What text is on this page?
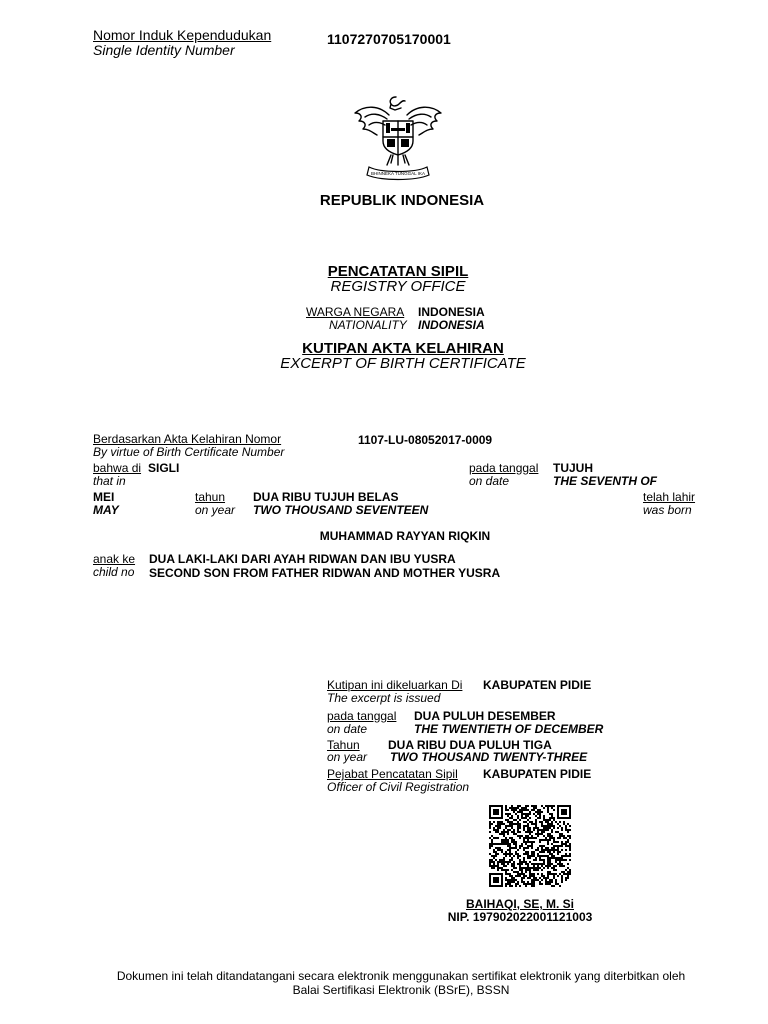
Nomor Induk Kependudukan
Single Identity Number
1107270705170001
BHINNEKA TUNGGAL IKA
REPUBLIK INDONESIA
PENCATATAN SIPIL
REGISTRY OFFICE
WARGA NEGARA INDONESIA
NATIONALITY INDONESIA
KUTIPAN AKTA KELAHIRAN
EXCERPT OF BIRTH CERTIFICATE
Berdasarkan Akta Kelahiran Nomor
By virtue of Birth Certificate Number
1107-LU-08052017-0009
bahwa di SIGLI
that in
pada tanggal
on date
TUJUH
THE SEVENTH OF
MEI
MAY
tahun
on year
DUA RIBU TUJUH BELAS
TWO THOUSAND SEVENTEEN
telah lahir
was born
MUHAMMAD RAYYAN RIQKIN
anak ke
child no
DUA LAKI-LAKI DARI AYAH RIDWAN DAN IBU YUSRA
SECOND SON FROM FATHER RIDWAN AND MOTHER YUSRA
Kutipan ini dikeluarkan Di
The excerpt is issued
KABUPATEN PIDIE
pada tanggal
on date
DUA PULUH DESEMBER
THE TWENTIETH OF DECEMBER
Tahun
on year
DUA RIBU DUA PULUH TIGA
TWO THOUSAND TWENTY-THREE
Pejabat Pencatatan Sipil
Officer of Civil Registration
KABUPATEN PIDIE
BAIHAQI, SE, M. Si
NIP. 197902022001121003
Dokumen ini telah ditandatangani secara elektronik menggunakan sertifikat elektronik yang diterbitkan oleh
Balai Sertifikasi Elektronik (BSrE), BSSN
